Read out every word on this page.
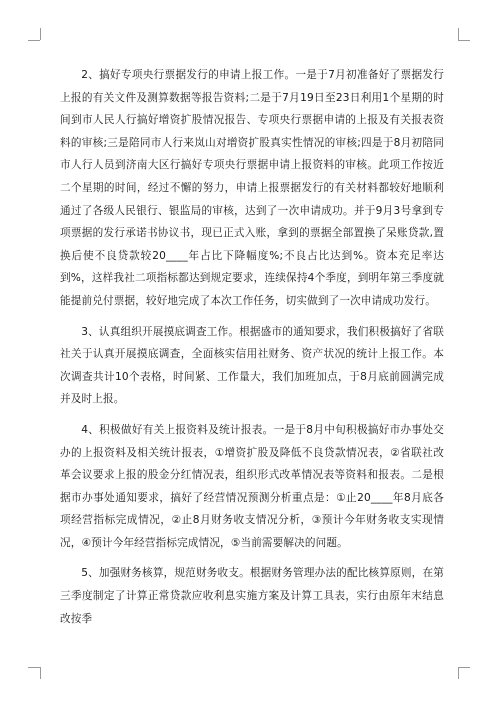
2、搞好专项央行票据发行的申请上报工作。一是于7月初准备好了票据发行上报的有关文件及测算数据等报告资料;二是于7月19日至23日利用1个星期的时间到市人民人行搞好增资扩股情况报告、专项央行票据申请的上报及有关报表资料的审核;三是陪同市人行来岚山对增资扩股真实性情况的审核;四是于8月初陪同市人行人员到济南大区行搞好专项央行票据申请上报资料的审核。此项工作按近二个星期的时间，经过不懈的努力，申请上报票据发行的有关材料都较好地顺利通过了各级人民银行、银监局的审核，达到了一次申请成功。并于9月3号拿到专项票据的发行承诺书协议书，现已正式入账，拿到的票据全部置换了呆账贷款,置换后使不良贷款较20____年占比下降幅度%;不良占比达到%。资本充足率达到%，这样我社二项指标都达到规定要求，连续保持4个季度，到明年第三季度就能提前兑付票据，较好地完成了本次工作任务，切实做到了一次申请成功发行。

3、认真组织开展摸底调查工作。根据盛市的通知要求，我们积极搞好了省联社关于认真开展摸底调查，全面核实信用社财务、资产状况的统计上报工作。本次调查共计10个表格，时间紧、工作量大，我们加班加点，于8月底前圆满完成并及时上报。

4、积极做好有关上报资料及统计报表。一是于8月中旬积极搞好市办事处交办的上报资料及相关统计报表，①增资扩股及降低不良贷款情况表，②省联社改革会议要求上报的股金分红情况表，组织形式改革情况表等资料和报表。二是根据市办事处通知要求，搞好了经营情况预测分析重点是：①止20____年8月底各项经营指标完成情况，②止8月财务收支情况分析，③预计今年财务收支实现情况，④预计今年经营指标完成情况，⑤当前需要解决的问题。

5、加强财务核算，规范财务收支。根据财务管理办法的配比核算原则，在第三季度制定了计算正常贷款应收利息实施方案及计算工具表，实行由原年末结息改按季
